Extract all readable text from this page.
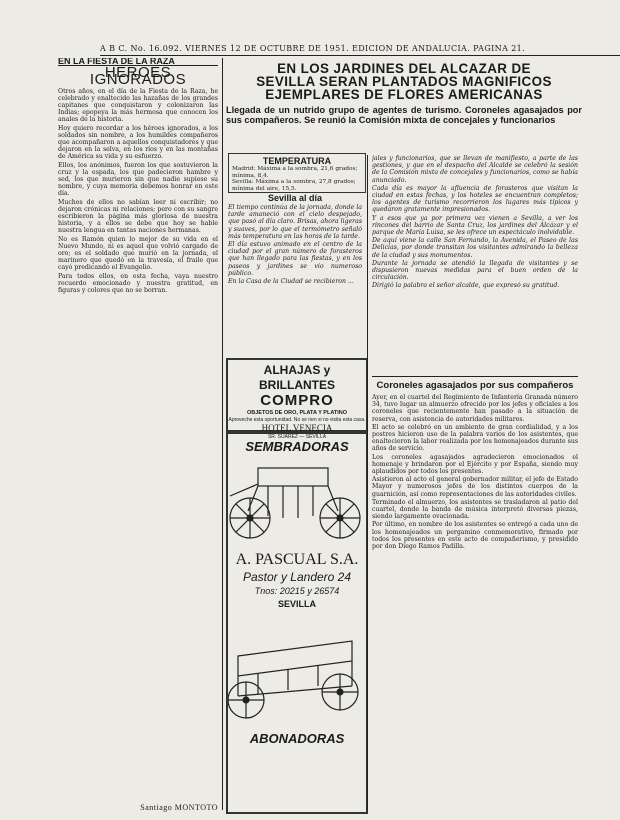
A B C. No. 16.092. VIERNES 12 DE OCTUBRE DE 1951. EDICION DE ANDALUCIA. PAGINA 21.
EN LA FIESTA DE LA RAZA
HEROES IGNORADOS

Otros años, en el día de la Fiesta de la Raza, he celebrado y enaltecido las hazañas de los grandes capitanes que conquistaron y colonizaron las Indias; epopeya la más hermosa que conocen los anales de la historia.

Hoy quiero recordar a los héroes ignorados, a los soldados sin nombre, a los humildes compañeros que acompañaron a aquellos conquistadores y que dejaron en la selva, en los ríos y en las montañas de América su vida y su esfuerzo.

Ellos, los anónimos, fueron los que sostuvieron la cruz y la espada, los que padecieron hambre y sed, los que murieron sin que nadie supiese su nombre, y cuya memoria debemos honrar en este día.

Muchos de ellos no sabían leer ni escribir; no dejaron crónicas ni relaciones; pero con su sangre escribieron la página más gloriosa de nuestra historia, y a ellos se debe que hoy se hable nuestra lengua en tantas naciones hermanas.

No es Ramón quien lo mejor de su vida en el Nuevo Mundo, ni es aquel que volvió cargado de oro; es el soldado que murió en la jornada, el marinero que quedó en la travesía, el fraile que cayó predicando el Evangelio.

Para todos ellos, en esta fecha, vaya nuestro recuerdo emocionado y nuestra gratitud, en figuras y colores que no se borran.

Santiago MONTOTO
EN LOS JARDINES DEL ALCAZAR DE
SEVILLA SERAN PLANTADOS MAGNIFICOS
EJEMPLARES DE FLORES AMERICANAS
Llegada de un nutrido grupo de agentes de turismo. Coroneles agasajados por sus compañeros. Se reunió la Comisión mixta de concejales y funcionarios
TEMPERATURA
Madrid: Máxima a la sombra, 21,6 grados; mínima, 8,4.
Sevilla: Máxima a la sombra, 27,8 grados; mínima del aire, 15,5.
Sevilla al día

El tiempo continúa de la jornada, donde la tarde amaneció con el cielo despejado, que pasó al día claro. Brisas, ahora ligeras y suaves, por lo que el termómetro señaló más temperatura en las horas de la tarde.

El día estuvo animado en el centro de la ciudad por el gran número de forasteros que han llegado para las fiestas, y en los paseos y jardines se vio numeroso público.

En la Casa de la Ciudad se recibieron ...

ALHAJAS y BRILLANTES
COMPRO
OBJETOS DE ORO, PLATA Y PLATINO
Aproveche esta oportunidad. No se rien si no visita esta casa.
HOTEL VENECIA
SR. SUAREZ — SEVILLA
SEMBRADORAS
A. PASCUAL S.A.
Pastor y Landero 24
Tnos: 20215 y 26574
SEVILLA
ABONADORAS

jales y funcionarios, que se llevan de manifiesto, a parte de las gestiones, y que en el despacho del Alcalde se celebró la sesión de la Comisión mixta de concejales y funcionarios, como se había anunciado.

Cada día es mayor la afluencia de forasteros que visitan la ciudad en estas fechas, y los hoteles se encuentran completos; los agentes de turismo recorrieron los lugares más típicos y quedaron gratamente impresionados.

Y a esos que ya por primera vez vienen a Sevilla, a ver los rincones del barrio de Santa Cruz, los jardines del Alcázar y el parque de María Luisa, se les ofrece un espectáculo inolvidable.

De aquí viene la calle San Fernando, la Avenida, el Paseo de las Delicias, por donde transitan los visitantes admirando la belleza de la ciudad y sus monumentos.

Durante la jornada se atendió la llegada de visitantes y se dispusieron nuevas medidas para el buen orden de la circulación.

Dirigió la palabra el señor alcalde, que expresó su gratitud.

Coroneles agasajados por sus compañeros

Ayer, en el cuartel del Regimiento de Infantería Granada número 34, tuvo lugar un almuerzo ofrecido por los jefes y oficiales a los coroneles que recientemente han pasado a la situación de reserva, con asistencia de autoridades militares.

El acto se celebró en un ambiente de gran cordialidad, y a los postres hicieron uso de la palabra varios de los asistentes, que enaltecieron la labor realizada por los homenajeados durante sus años de servicio.

Los coroneles agasajados agradecieron emocionados el homenaje y brindaron por el Ejército y por España, siendo muy aplaudidos por todos los presentes.

Asistieron al acto el general gobernador militar, el jefe de Estado Mayor y numerosos jefes de los distintos cuerpos de la guarnición, así como representaciones de las autoridades civiles.

Terminado el almuerzo, los asistentes se trasladaron al patio del cuartel, donde la banda de música interpretó diversas piezas, siendo largamente ovacionada.

Por último, en nombre de los asistentes se entregó a cada uno de los homenajeados un pergamino conmemorativo, firmado por todos los presentes en este acto de compañerismo, y presidido por don Diego Ramos Padilla.
